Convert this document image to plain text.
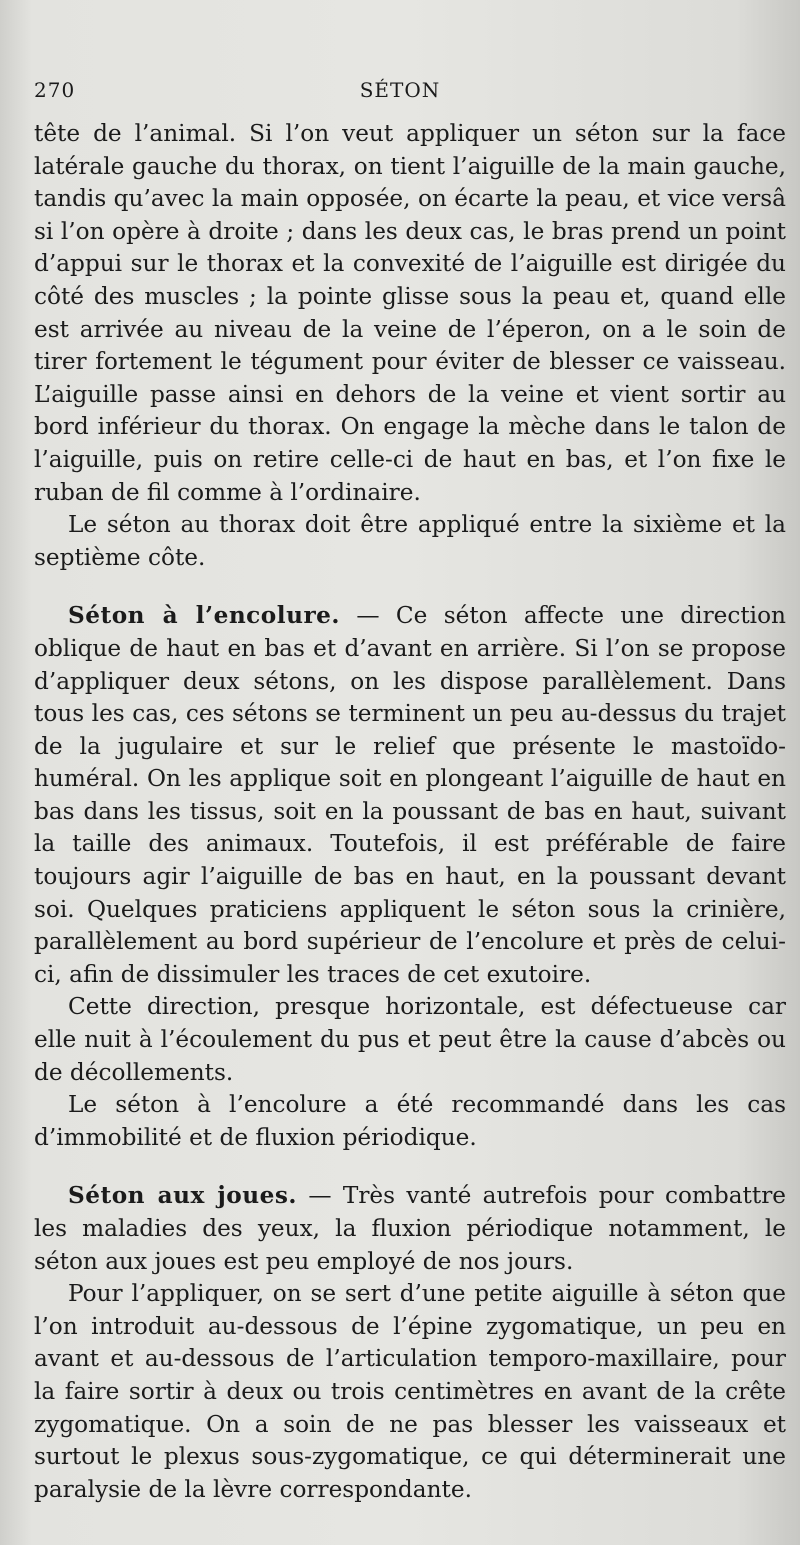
270	SÉTON

tête de l’animal. Si l’on veut appliquer un séton sur la face latérale gauche du thorax, on tient l’aiguille de la main gauche, tandis qu’avec la main opposée, on écarte la peau, et vice versâ si l’on opère à droite ; dans les deux cas, le bras prend un point d’appui sur le thorax et la convexité de l’aiguille est dirigée du côté des muscles ; la pointe glisse sous la peau et, quand elle est arrivée au niveau de la veine de l’éperon, on a le soin de tirer fortement le tégument pour éviter de blesser ce vaisseau. L’aiguille passe ainsi en dehors de la veine et vient sortir au bord inférieur du thorax. On engage la mèche dans le talon de l’aiguille, puis on retire celle-ci de haut en bas, et l’on fixe le ruban de fil comme à l’ordinaire.

Le séton au thorax doit être appliqué entre la sixième et la septième côte.

Séton à l’encolure. — Ce séton affecte une direction oblique de haut en bas et d’avant en arrière. Si l’on se propose d’appliquer deux sétons, on les dispose parallèlement. Dans tous les cas, ces sétons se terminent un peu au-dessus du trajet de la jugulaire et sur le relief que présente le mastoïdo-huméral. On les applique soit en plongeant l’aiguille de haut en bas dans les tissus, soit en la poussant de bas en haut, suivant la taille des animaux. Toutefois, il est préférable de faire toujours agir l’aiguille de bas en haut, en la poussant devant soi. Quelques praticiens appliquent le séton sous la crinière, parallèlement au bord supérieur de l’encolure et près de celui-ci, afin de dissimuler les traces de cet exutoire.

Cette direction, presque horizontale, est défectueuse car elle nuit à l’écoulement du pus et peut être la cause d’abcès ou de décollements.

Le séton à l’encolure a été recommandé dans les cas d’immobilité et de fluxion périodique.

Séton aux joues. — Très vanté autrefois pour combattre les maladies des yeux, la fluxion périodique notamment, le séton aux joues est peu employé de nos jours.

Pour l’appliquer, on se sert d’une petite aiguille à séton que l’on introduit au-dessous de l’épine zygomatique, un peu en avant et au-dessous de l’articulation temporo-maxillaire, pour la faire sortir à deux ou trois centimètres en avant de la crête zygomatique. On a soin de ne pas blesser les vaisseaux et surtout le plexus sous-zygomatique, ce qui déterminerait une paralysie de la lèvre correspondante.
